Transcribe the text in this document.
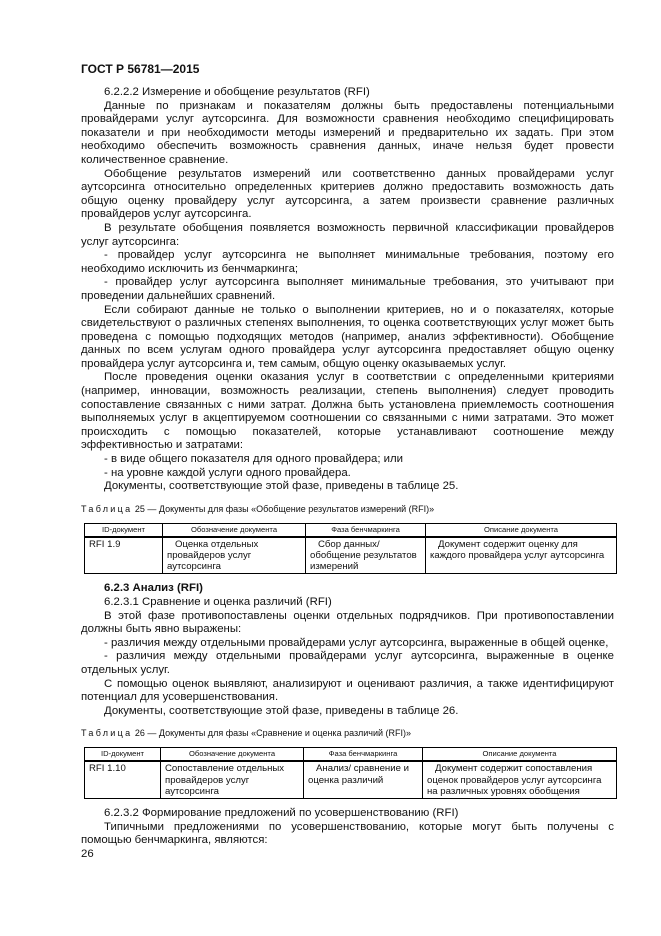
ГОСТ Р 56781—2015

6.2.2.2 Измерение и обобщение результатов (RFI)

Данные по признакам и показателям должны быть предоставлены потенциальными провайдерами услуг аутсорсинга. Для возможности сравнения необходимо специфицировать показатели и при необходимости методы измерений и предварительно их задать. При этом необходимо обеспечить возможность сравнения данных, иначе нельзя будет провести количественное сравнение.

Обобщение результатов измерений или соответственно данных провайдерами услуг аутсорсинга относительно определенных критериев должно предоставить возможность дать общую оценку провайдеру услуг аутсорсинга, а затем произвести сравнение различных провайдеров услуг аутсорсинга.

В результате обобщения появляется возможность первичной классификации провайдеров услуг аутсорсинга:

- провайдер услуг аутсорсинга не выполняет минимальные требования, поэтому его необходимо исключить из бенчмаркинга;

- провайдер услуг аутсорсинга выполняет минимальные требования, это учитывают при проведении дальнейших сравнений.

Если собирают данные не только о выполнении критериев, но и о показателях, которые свидетельствуют о различных степенях выполнения, то оценка соответствующих услуг может быть проведена с помощью подходящих методов (например, анализ эффективности). Обобщение данных по всем услугам одного провайдера услуг аутсорсинга предоставляет общую оценку провайдера услуг аутсорсинга и, тем самым, общую оценку оказываемых услуг.

После проведения оценки оказания услуг в соответствии с определенными критериями (например, инновации, возможность реализации, степень выполнения) следует проводить сопоставление связанных с ними затрат. Должна быть установлена приемлемость соотношения выполняемых услуг в акцептируемом соотношении со связанными с ними затратами. Это может происходить с помощью показателей, которые устанавливают соотношение между эффективностью и затратами:

- в виде общего показателя для одного провайдера; или

- на уровне каждой услуги одного провайдера.

Документы, соответствующие этой фазе, приведены в таблице 25.

Таблица 25 — Документы для фазы «Обобщение результатов измерений (RFI)»
ID-документ	Обозначение документа	Фаза бенчмаркинга	Описание документа
RFI 1.9	Оценка отдельных провайдеров услуг аутсорсинга	Сбор данных/ обобщение результатов измерений	Документ содержит оценку для каждого провайдера услуг аутсорсинга

6.2.3 Анализ (RFI)

6.2.3.1 Сравнение и оценка различий (RFI)

В этой фазе противопоставлены оценки отдельных подрядчиков. При противопоставлении должны быть явно выражены:

- различия между отдельными провайдерами услуг аутсорсинга, выраженные в общей оценке,

- различия между отдельными провайдерами услуг аутсорсинга, выраженные в оценке отдельных услуг.

С помощью оценок выявляют, анализируют и оценивают различия, а также идентифицируют потенциал для усовершенствования.

Документы, соответствующие этой фазе, приведены в таблице 26.

Таблица 26 — Документы для фазы «Сравнение и оценка различий (RFI)»
ID-документ	Обозначение документа	Фаза бенчмаркинга	Описание документа
RFI 1.10	Сопоставление отдельных провайдеров услуг аутсорсинга	Анализ/ сравнение и оценка различий	Документ содержит сопоставления оценок провайдеров услуг аутсорсинга на различных уровнях обобщения

6.2.3.2 Формирование предложений по усовершенствованию (RFI)

Типичными предложениями по усовершенствованию, которые могут быть получены с помощью бенчмаркинга, являются:

26
